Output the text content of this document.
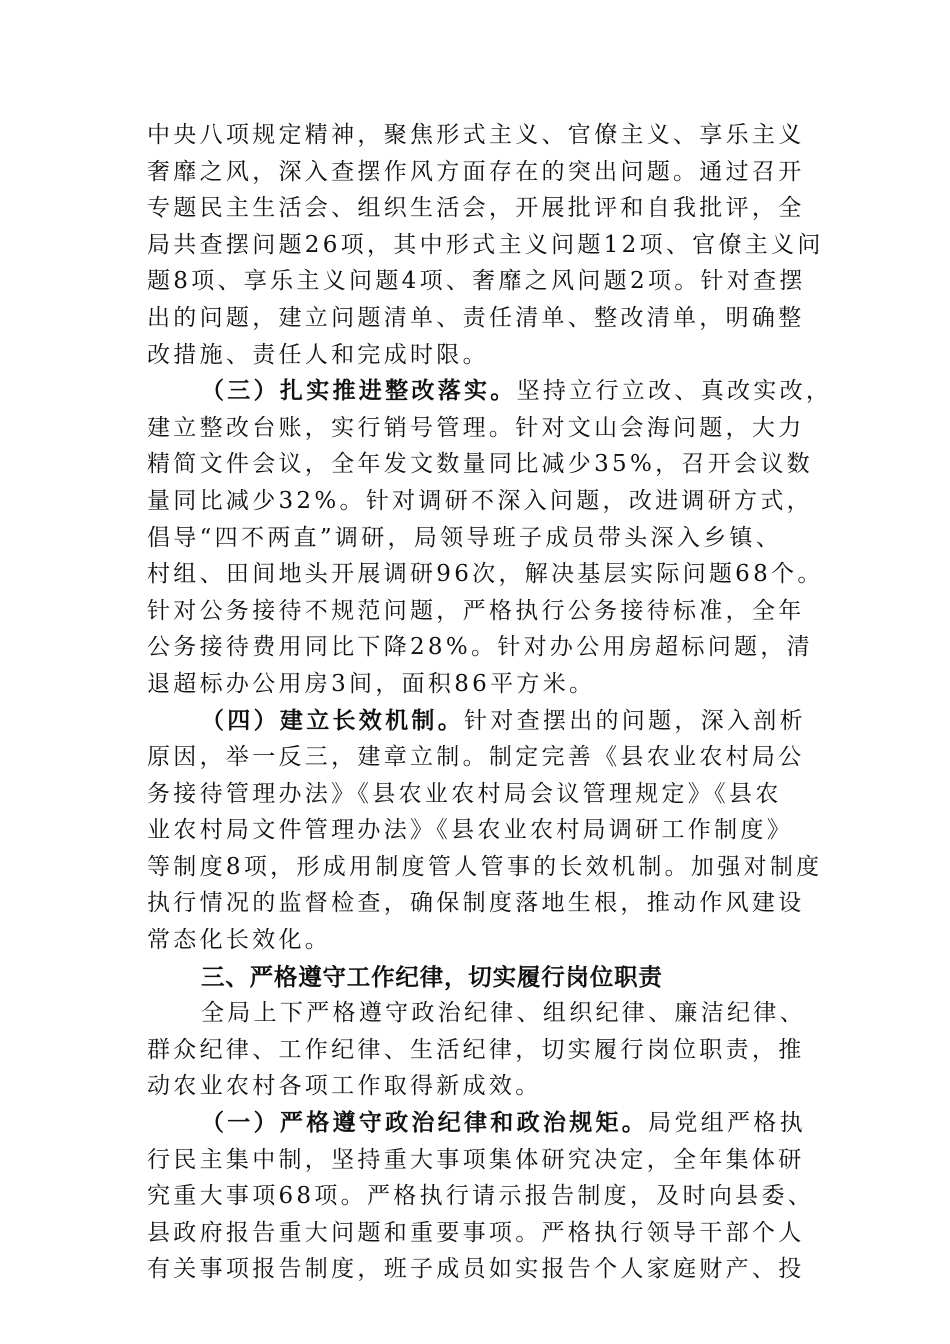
中央八项规定精神，聚焦形式主义、官僚主义、享乐主义
奢靡之风，深入查摆作风方面存在的突出问题。通过召开
专题民主生活会、组织生活会，开展批评和自我批评，全
局共查摆问题26项，其中形式主义问题12项、官僚主义问
题8项、享乐主义问题4项、奢靡之风问题2项。针对查摆
出的问题，建立问题清单、责任清单、整改清单，明确整
改措施、责任人和完成时限。
（三）扎实推进整改落实。坚持立行立改、真改实改，
建立整改台账，实行销号管理。针对文山会海问题，大力
精简文件会议，全年发文数量同比减少35%，召开会议数
量同比减少32%。针对调研不深入问题，改进调研方式，
倡导“四不两直”调研，局领导班子成员带头深入乡镇、
村组、田间地头开展调研96次，解决基层实际问题68个。
针对公务接待不规范问题，严格执行公务接待标准，全年
公务接待费用同比下降28%。针对办公用房超标问题，清
退超标办公用房3间，面积86平方米。
（四）建立长效机制。针对查摆出的问题，深入剖析
原因，举一反三，建章立制。制定完善《县农业农村局公
务接待管理办法》《县农业农村局会议管理规定》《县农
业农村局文件管理办法》《县农业农村局调研工作制度》
等制度8项，形成用制度管人管事的长效机制。加强对制度
执行情况的监督检查，确保制度落地生根，推动作风建设
常态化长效化。
三、严格遵守工作纪律，切实履行岗位职责
全局上下严格遵守政治纪律、组织纪律、廉洁纪律、
群众纪律、工作纪律、生活纪律，切实履行岗位职责，推
动农业农村各项工作取得新成效。
（一）严格遵守政治纪律和政治规矩。局党组严格执
行民主集中制，坚持重大事项集体研究决定，全年集体研
究重大事项68项。严格执行请示报告制度，及时向县委、
县政府报告重大问题和重要事项。严格执行领导干部个人
有关事项报告制度，班子成员如实报告个人家庭财产、投
